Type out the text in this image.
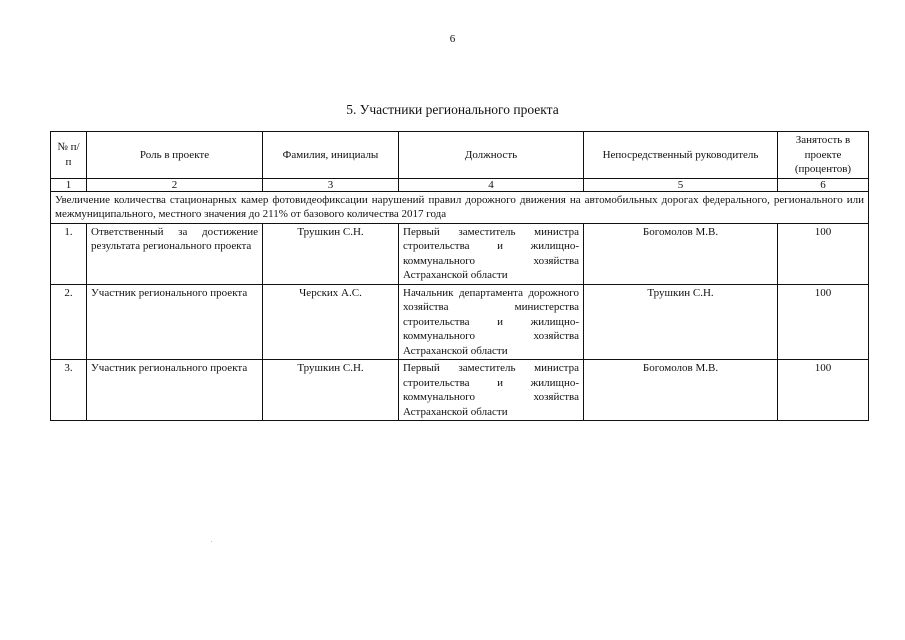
6
5. Участники регионального проекта
№ п/п	Роль в проекте	Фамилия, инициалы	Должность	Непосредственный руководитель	Занятость в проекте (процентов)
1	2	3	4	5	6
Увеличение количества стационарных камер фотовидеофиксации нарушений правил дорожного движения на автомобильных дорогах федерального, регионального или межмуниципального, местного значения до 211% от базового количества 2017 года					
1.	Ответственный за достижение результата регионального проекта	Трушкин С.Н.	Первый заместитель министра строительства и жилищно-коммунального хозяйства Астраханской области	Богомолов М.В.	100
2.	Участник регионального проекта	Черских А.С.	Начальник департамента дорожного хозяйства министерства строительства и жилищно-коммунального хозяйства Астраханской области	Трушкин С.Н.	100
3.	Участник регионального проекта	Трушкин С.Н.	Первый заместитель министра строительства и жилищно-коммунального хозяйства Астраханской области	Богомолов М.В.	100
